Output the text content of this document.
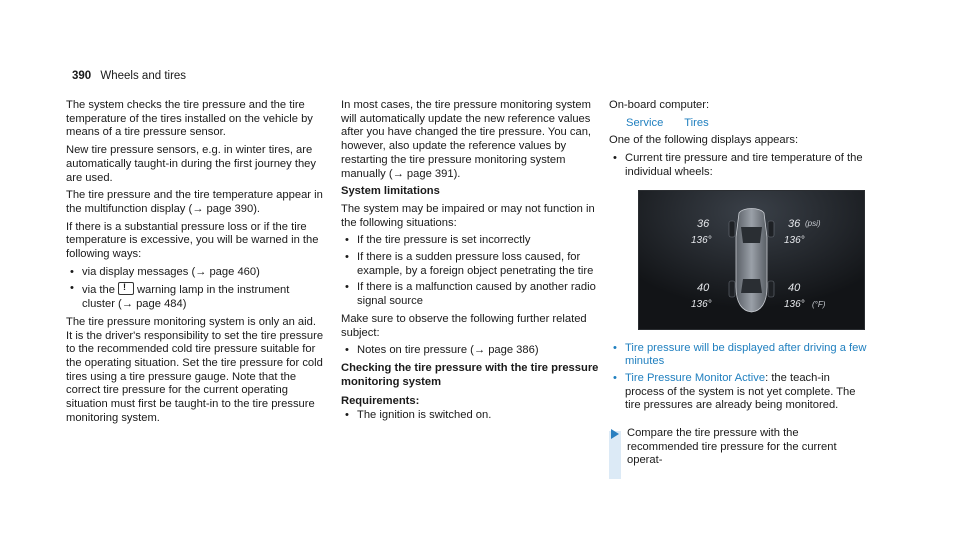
390 Wheels and tires

The system checks the tire pressure and the tire temperature of the tires installed on the vehicle by means of a tire pressure sensor.

New tire pressure sensors, e.g. in winter tires, are automatically taught-in during the first journey they are used.

The tire pressure and the tire temperature appear in the multifunction display (→ page 390).

If there is a substantial pressure loss or if the tire temperature is excessive, you will be warned in the following ways:

• via display messages (→ page 460)
• via the! warning lamp in the instrument cluster (→ page 484)

The tire pressure monitoring system is only an aid. It is the driver's responsibility to set the tire pressure to the recommended cold tire pressure suitable for the operating situation. Set the tire pressure for cold tires using a tire pressure gauge. Note that the correct tire pressure for the current operating situation must first be taught-in to the tire pressure monitoring system.

In most cases, the tire pressure monitoring system will automatically update the new reference values after you have changed the tire pressure. You can, however, also update the reference values by restarting the tire pressure monitoring system manually (→ page 391).

System limitations

The system may be impaired or may not function in the following situations:

• If the tire pressure is set incorrectly
• If there is a sudden pressure loss caused, for example, by a foreign object penetrating the tire
• If there is a malfunction caused by another radio signal source

Make sure to observe the following further related subject:

• Notes on tire pressure (→ page 386)
Checking the tire pressure with the tire pressure monitoring system
Requirements:
• The ignition is switched on.

On-board computer:

Service Tires

One of the following displays appears:

• Current tire pressure and tire temperature of the individual wheels:
36	36 (psi)
136°	136°
40	40
136°	136° (°F)
• Tire pressure will be displayed after driving a few minutes
• Tire Pressure Monitor Active: the teach-in process of the system is not yet complete. The tire pressures are already being monitored.
Compare the tire pressure with the recommended tire pressure for the current operat-
